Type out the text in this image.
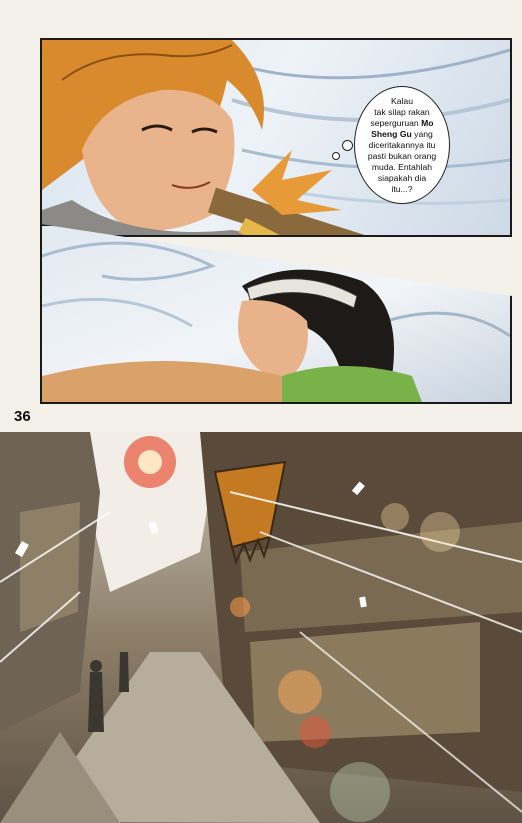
Kalau
tak silap rakan
seperguruan Mo
Sheng Gu yang
diceritakannya itu
pasti bukan orang
muda. Entahlah
siapakah dia
itu...?
36
